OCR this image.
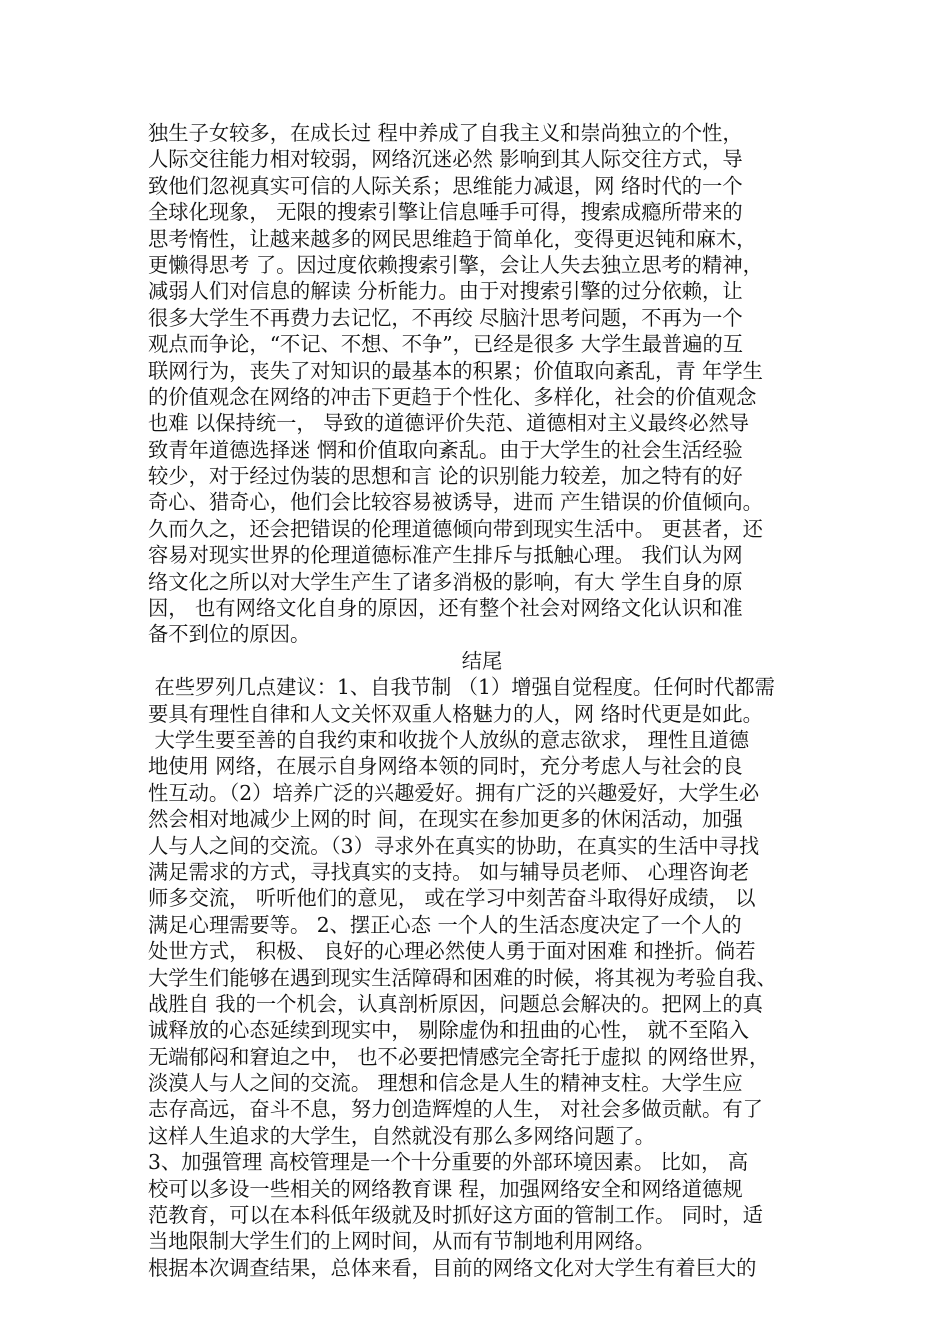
独生子女较多，在成长过 程中养成了自我主义和崇尚独立的个性，
人际交往能力相对较弱，网络沉迷必然 影响到其人际交往方式，导
致他们忽视真实可信的人际关系；思维能力减退，网 络时代的一个
全球化现象， 无限的搜索引擎让信息唾手可得，搜索成瘾所带来的
思考惰性，让越来越多的网民思维趋于简单化，变得更迟钝和麻木，
更懒得思考 了。因过度依赖搜索引擎，会让人失去独立思考的精神，
减弱人们对信息的解读 分析能力。由于对搜索引擎的过分依赖，让
很多大学生不再费力去记忆，不再绞 尽脑汁思考问题，不再为一个
观点而争论，“不记、不想、不争”，已经是很多 大学生最普遍的互
联网行为，丧失了对知识的最基本的积累；价值取向紊乱，青 年学生
的价值观念在网络的冲击下更趋于个性化、多样化，社会的价值观念
也难 以保持统一， 导致的道德评价失范、道德相对主义最终必然导
致青年道德选择迷 惘和价值取向紊乱。由于大学生的社会生活经验
较少，对于经过伪装的思想和言 论的识别能力较差，加之特有的好
奇心、猎奇心，他们会比较容易被诱导，进而 产生错误的价值倾向。
久而久之，还会把错误的伦理道德倾向带到现实生活中。 更甚者，还
容易对现实世界的伦理道德标准产生排斥与抵触心理。 我们认为网
络文化之所以对大学生产生了诸多消极的影响，有大 学生自身的原
因， 也有网络文化自身的原因，还有整个社会对网络文化认识和准
备不到位的原因。
结尾
在些罗列几点建议：1、自我节制 （1）增强自觉程度。任何时代都需
要具有理性自律和人文关怀双重人格魅力的人，网 络时代更是如此。
大学生要至善的自我约束和收拢个人放纵的意志欲求， 理性且道德
地使用 网络，在展示自身网络本领的同时，充分考虑人与社会的良
性互动。（2）培养广泛的兴趣爱好。拥有广泛的兴趣爱好，大学生必
然会相对地减少上网的时 间，在现实在参加更多的休闲活动，加强
人与人之间的交流。（3）寻求外在真实的协助，在真实的生活中寻找
满足需求的方式，寻找真实的支持。 如与辅导员老师、 心理咨询老
师多交流， 听听他们的意见， 或在学习中刻苦奋斗取得好成绩， 以
满足心理需要等。 2、摆正心态 一个人的生活态度决定了一个人的
处世方式， 积极、 良好的心理必然使人勇于面对困难 和挫折。倘若
大学生们能够在遇到现实生活障碍和困难的时候，将其视为考验自我、
战胜自 我的一个机会，认真剖析原因，问题总会解决的。把网上的真
诚释放的心态延续到现实中， 剔除虚伪和扭曲的心性， 就不至陷入
无端郁闷和窘迫之中， 也不必要把情感完全寄托于虚拟 的网络世界，
淡漠人与人之间的交流。 理想和信念是人生的精神支柱。大学生应
志存高远，奋斗不息，努力创造辉煌的人生， 对社会多做贡献。有了
这样人生追求的大学生，自然就没有那么多网络问题了。
3、加强管理 高校管理是一个十分重要的外部环境因素。 比如， 高
校可以多设一些相关的网络教育课 程，加强网络安全和网络道德规
范教育，可以在本科低年级就及时抓好这方面的管制工作。 同时，适
当地限制大学生们的上网时间，从而有节制地利用网络。
根据本次调查结果，总体来看，目前的网络文化对大学生有着巨大的
